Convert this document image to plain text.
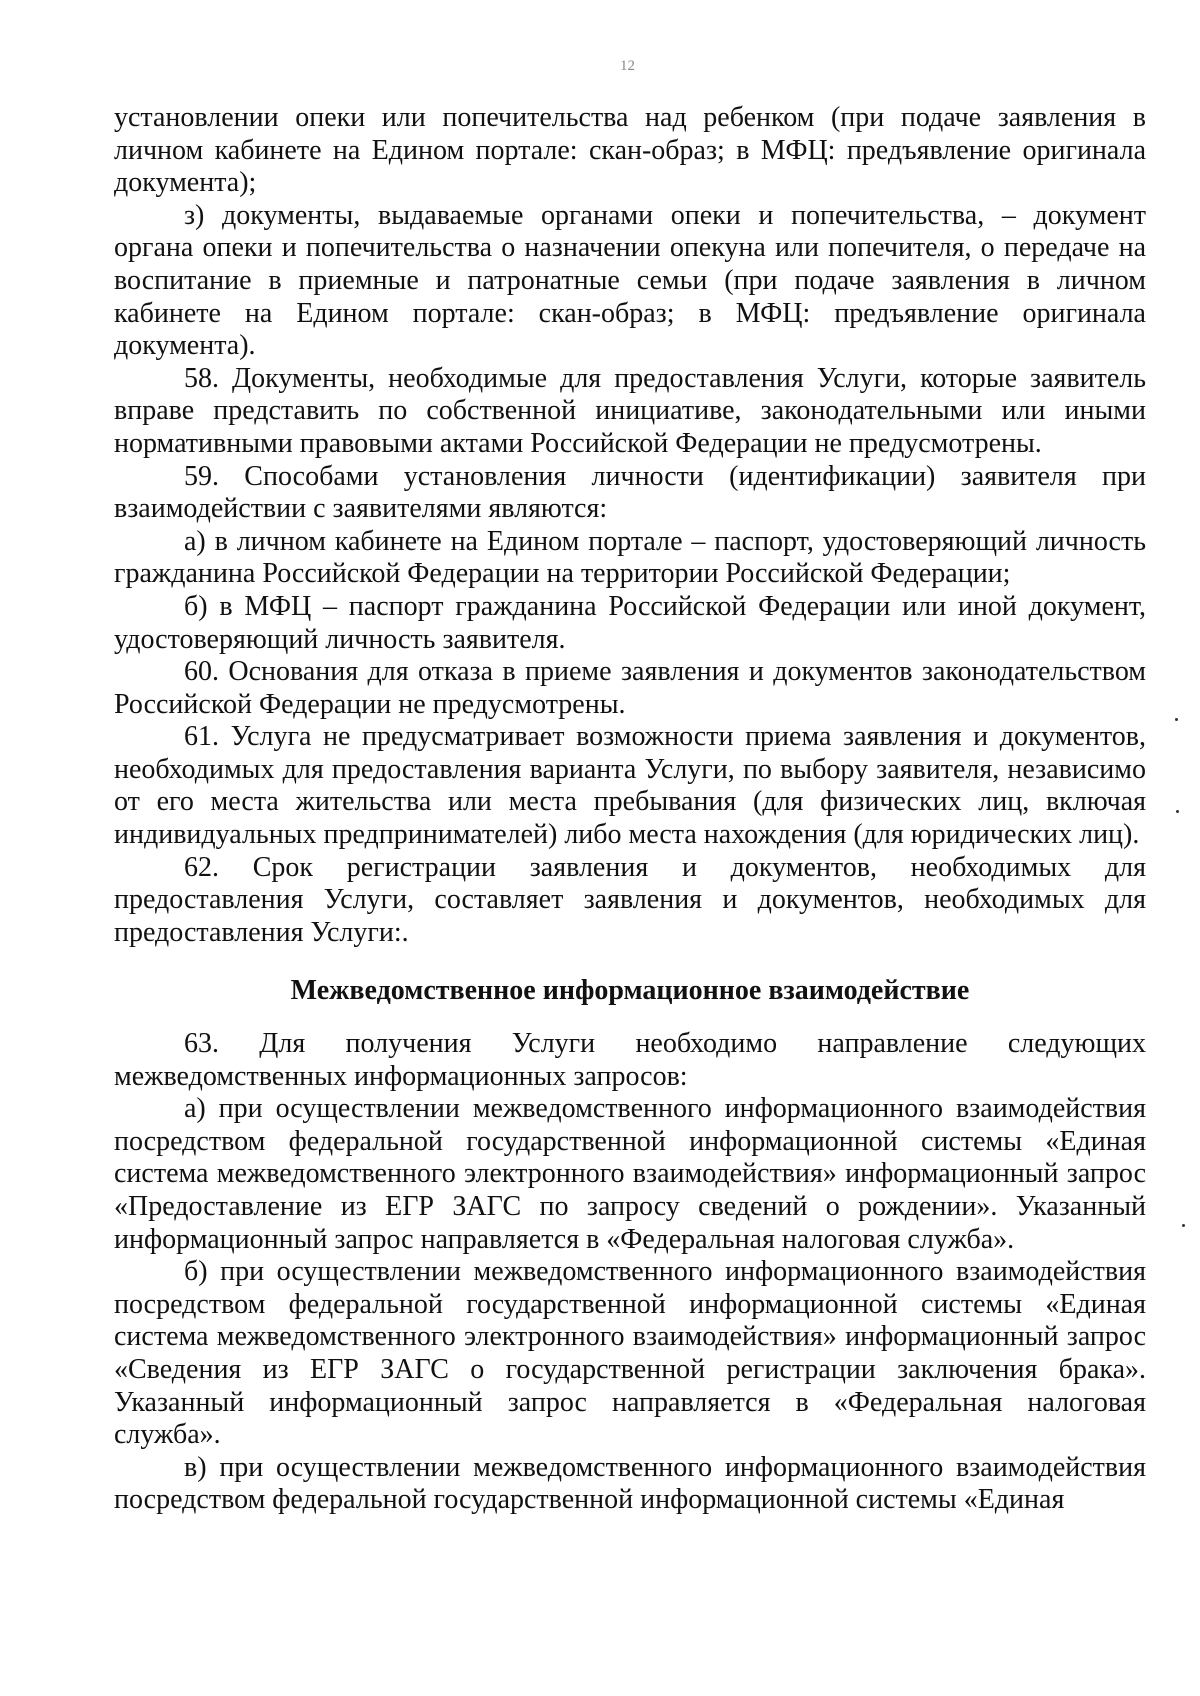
12

установлении опеки или попечительства над ребенком (при подаче заявления в личном кабинете на Едином портале: скан-образ; в МФЦ: предъявление оригинала документа);

з) документы, выдаваемые органами опеки и попечительства, – документ органа опеки и попечительства о назначении опекуна или попечителя, о передаче на воспитание в приемные и патронатные семьи (при подаче заявления в личном кабинете на Едином портале: скан-образ; в МФЦ: предъявление оригинала документа).

58. Документы, необходимые для предоставления Услуги, которые заявитель вправе представить по собственной инициативе, законодательными или иными нормативными правовыми актами Российской Федерации не предусмотрены.

59. Способами установления личности (идентификации) заявителя при взаимодействии с заявителями являются:

а) в личном кабинете на Едином портале – паспорт, удостоверяющий личность гражданина Российской Федерации на территории Российской Федерации;

б) в МФЦ – паспорт гражданина Российской Федерации или иной документ, удостоверяющий личность заявителя.

60. Основания для отказа в приеме заявления и документов законодательством Российской Федерации не предусмотрены.

61. Услуга не предусматривает возможности приема заявления и документов, необходимых для предоставления варианта Услуги, по выбору заявителя, независимо от его места жительства или места пребывания (для физических лиц, включая индивидуальных предпринимателей) либо места нахождения (для юридических лиц).

62. Срок регистрации заявления и документов, необходимых для предоставления Услуги, составляет заявления и документов, необходимых для предоставления Услуги:.

Межведомственное информационное взаимодействие

63. Для получения Услуги необходимо направление следующих межведомственных информационных запросов:

а) при осуществлении межведомственного информационного взаимодействия посредством федеральной государственной информационной системы «Единая система межведомственного электронного взаимодействия» информационный запрос «Предоставление из ЕГР ЗАГС по запросу сведений о рождении». Указанный информационный запрос направляется в «Федеральная налоговая служба».

б) при осуществлении межведомственного информационного взаимодействия посредством федеральной государственной информационной системы «Единая система межведомственного электронного взаимодействия» информационный запрос «Сведения из ЕГР ЗАГС о государственной регистрации заключения брака». Указанный информационный запрос направляется в «Федеральная налоговая служба».

в) при осуществлении межведомственного информационного взаимодействия посредством федеральной государственной информационной системы «Единая
